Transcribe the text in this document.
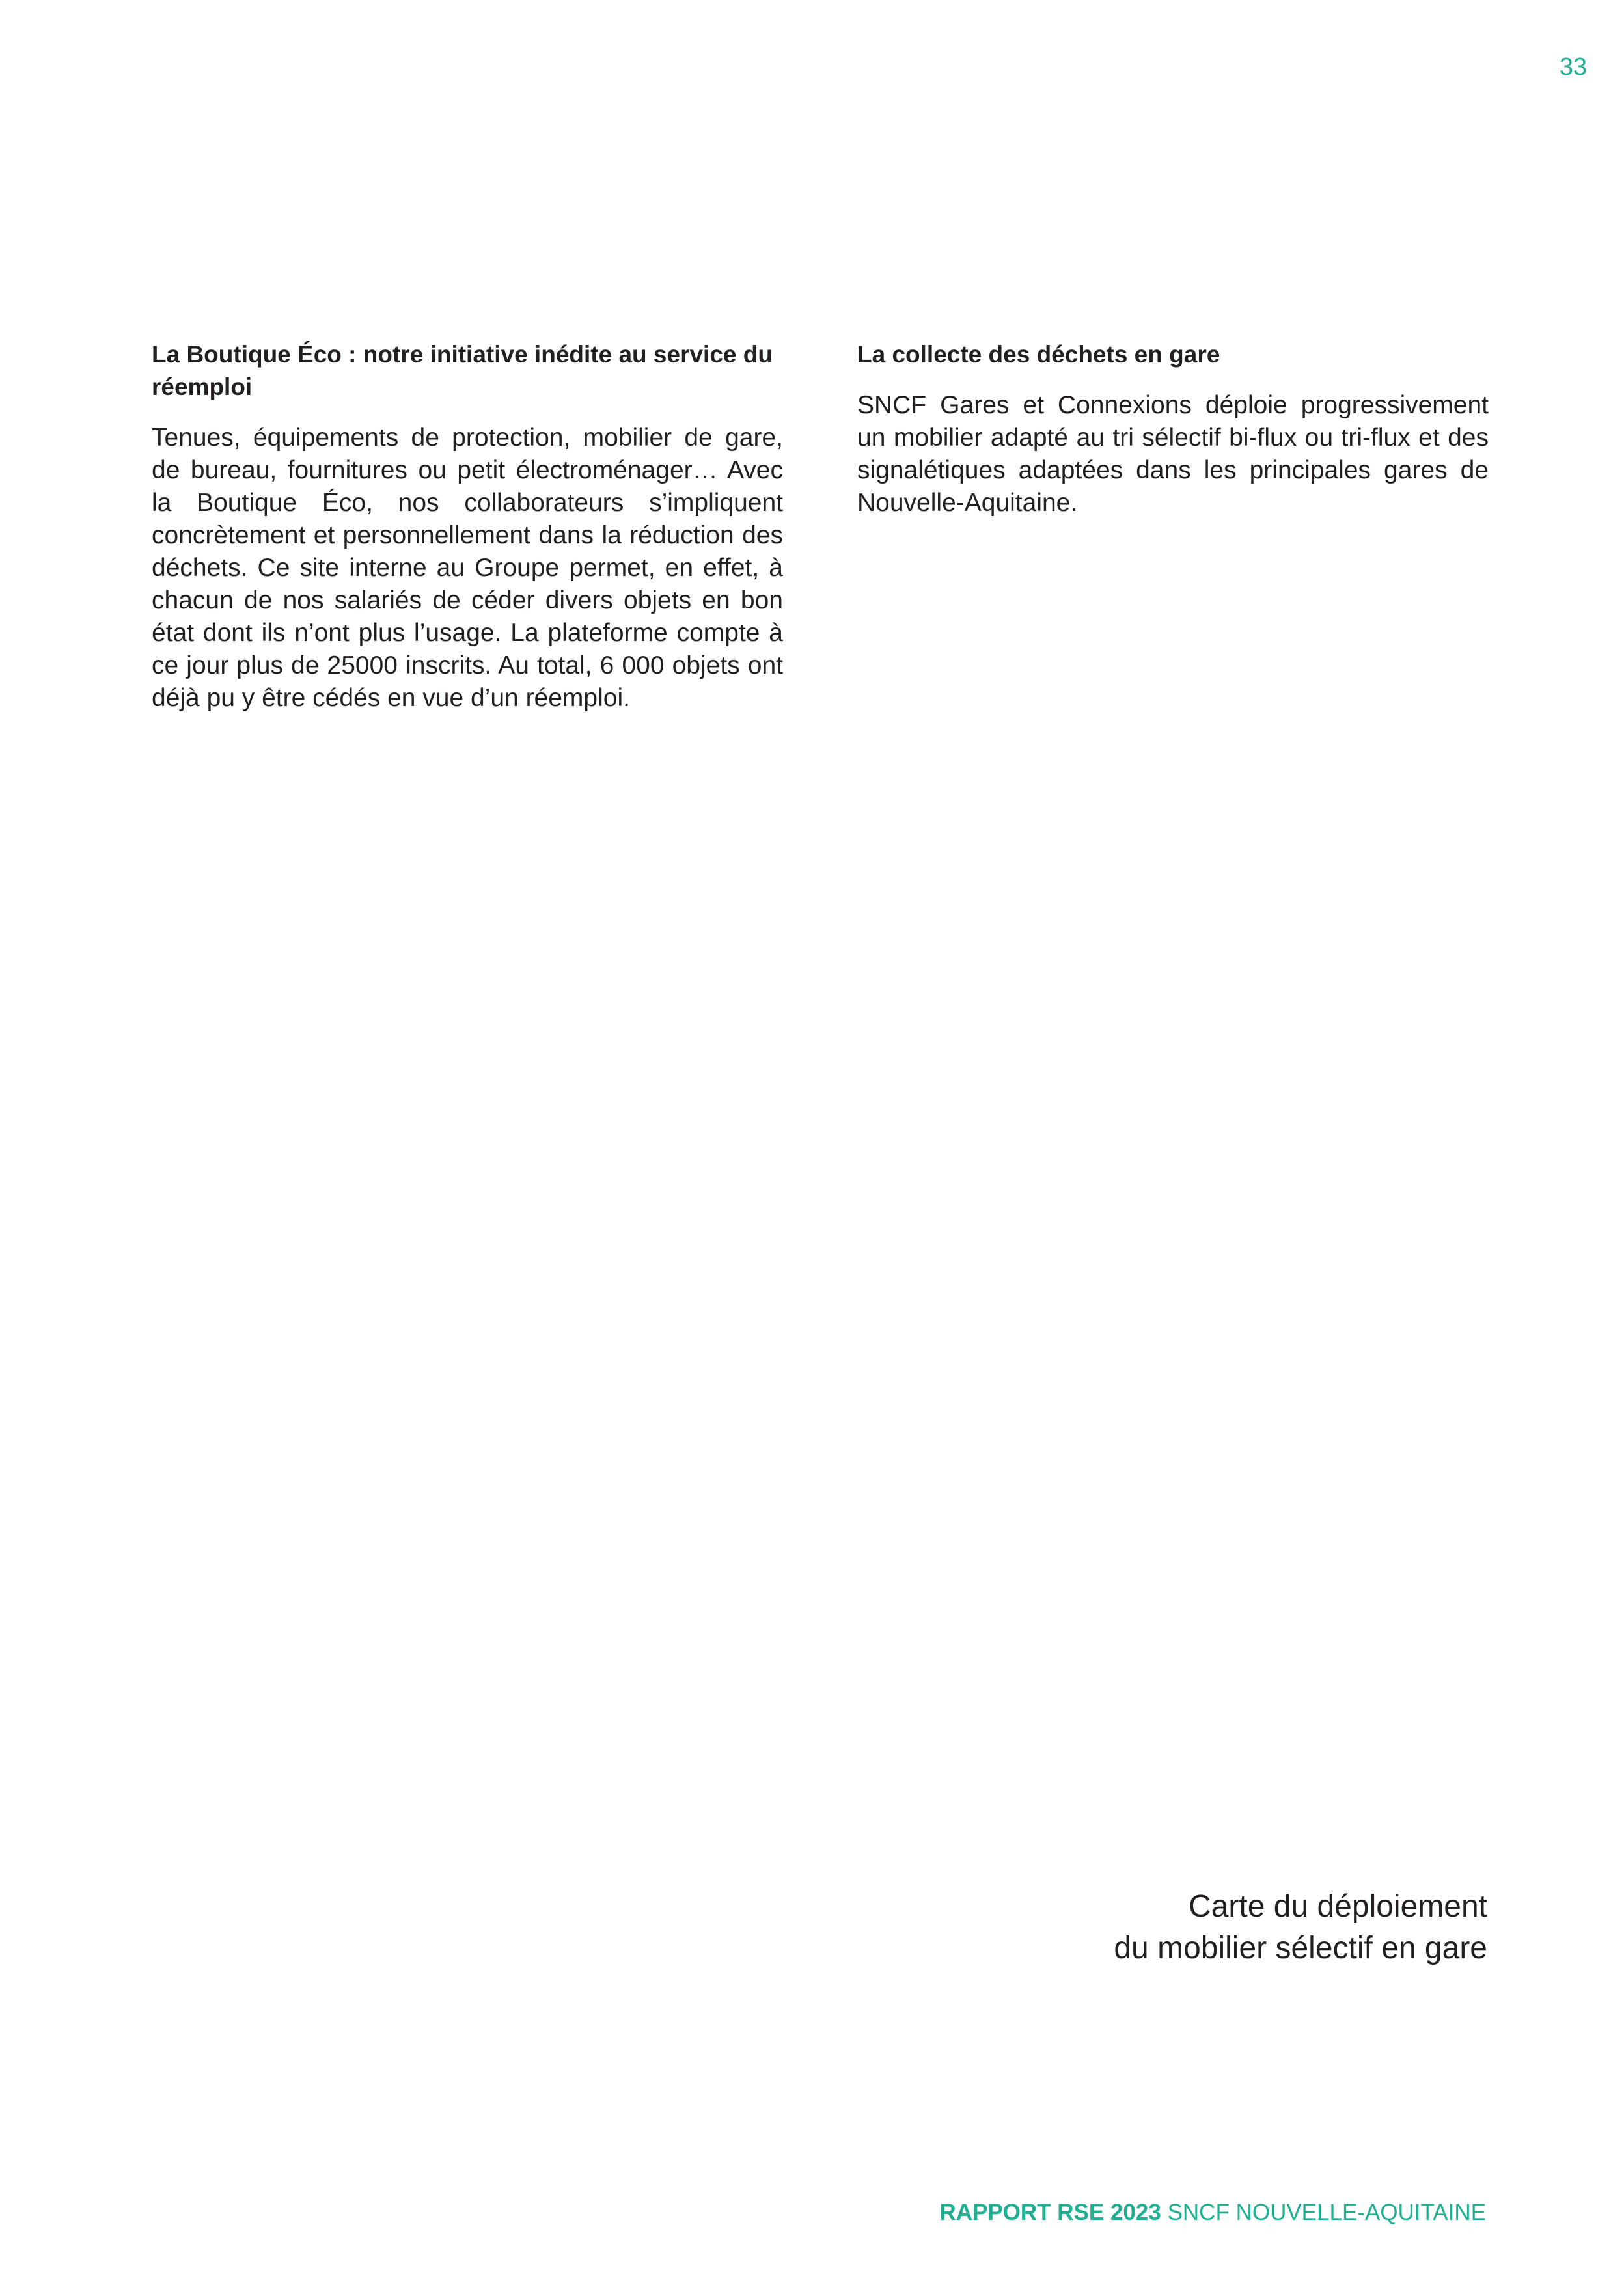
33
La Boutique Éco : notre initiative inédite au service du réemploi

Tenues, équipements de protection, mobilier de gare, de bureau, fournitures ou petit électroménager… Avec la Boutique Éco, nos collaborateurs s’impliquent concrètement et personnellement dans la réduction des déchets. Ce site interne au Groupe permet, en effet, à chacun de nos salariés de céder divers objets en bon état dont ils n’ont plus l’usage. La plateforme compte à ce jour plus de 25000 inscrits. Au total, 6 000 objets ont déjà pu y être cédés en vue d’un réemploi.

La collecte des déchets en gare

SNCF Gares et Connexions déploie progressivement un mobilier adapté au tri sélectif bi-flux ou tri-flux et des signalétiques adaptées dans les principales gares de Nouvelle-Aquitaine.

Carte du déploiement
du mobilier sélectif en gare
RAPPORT RSE 2023 SNCF NOUVELLE-AQUITAINE
